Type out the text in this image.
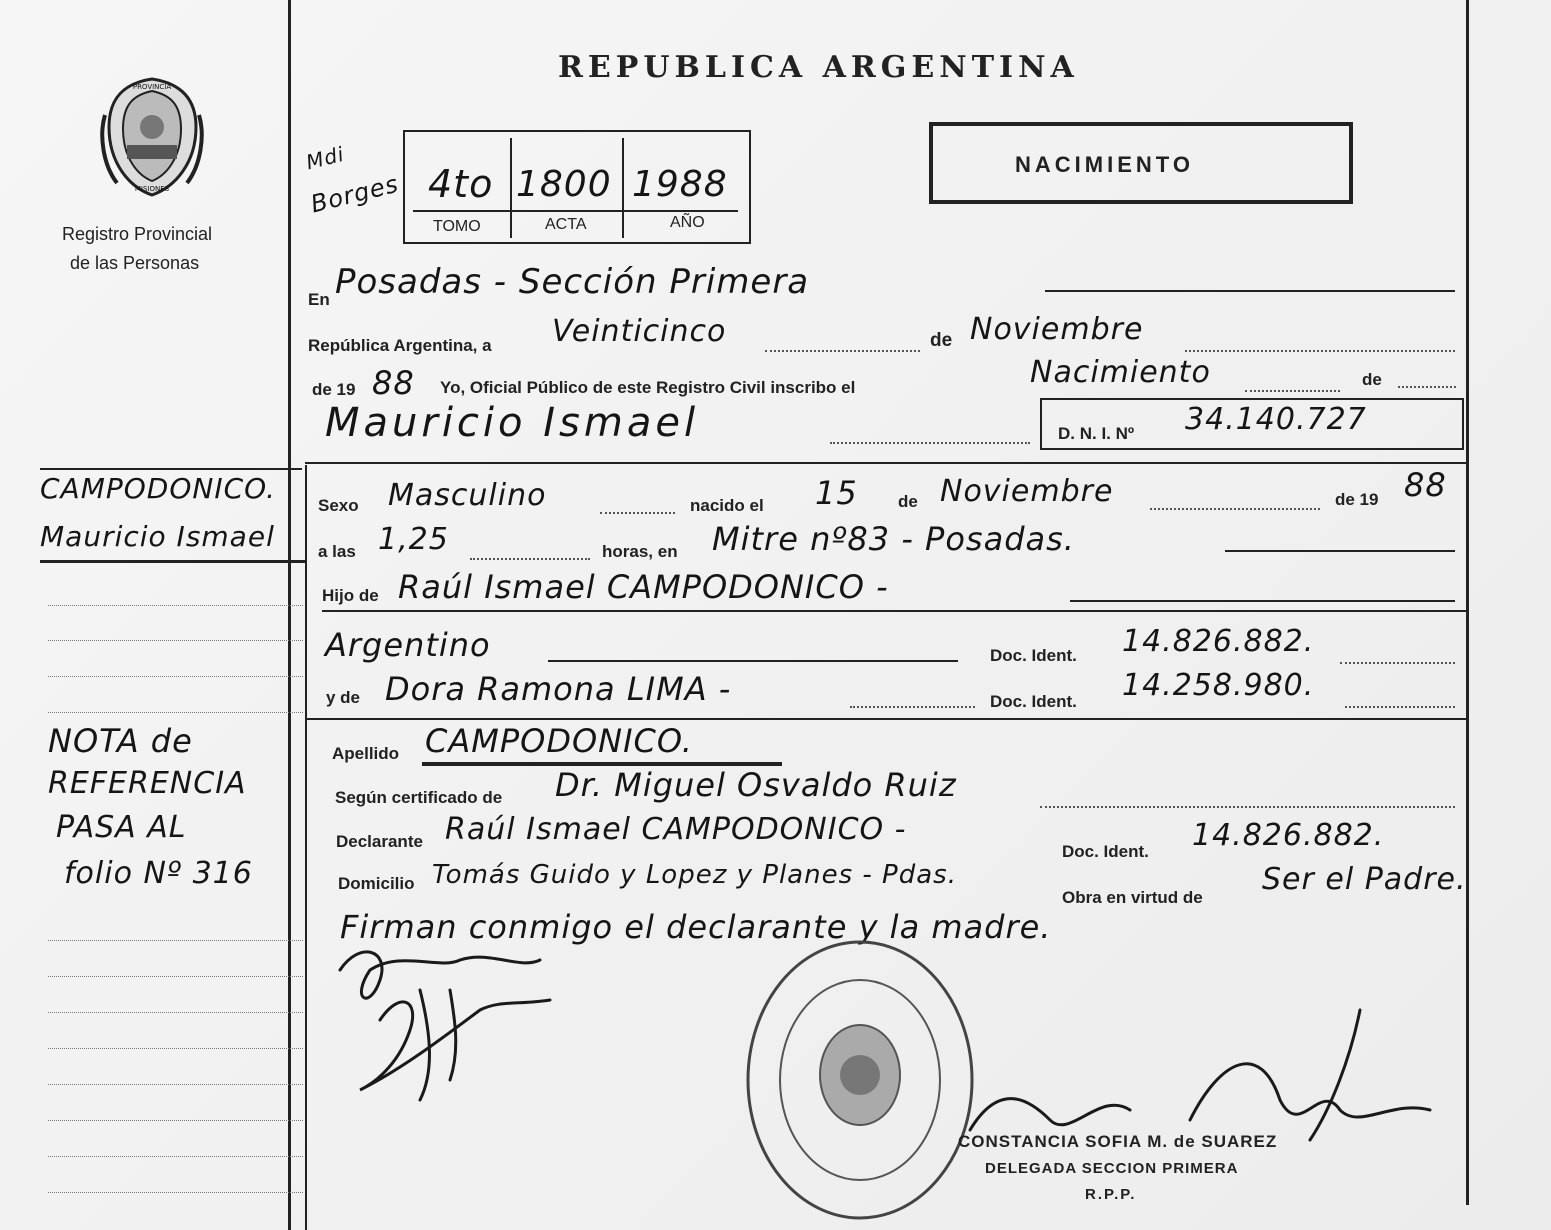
PROVINCIA
MISIONES
Registro Provincial
de las Personas
REPUBLICA ARGENTINA
4to 1800 1988
TOMO	ACTA	AÑO
Mdi
Borges
NACIMIENTO
En Posadas - Sección Primera
República Argentina, a Veinticinco	de Noviembre
de 19 88 Yo, Oficial Público de este Registro Civil inscribo el	Nacimiento	de
Mauricio Ismael	D. N. I. Nº 34.140.727
Sexo Masculino	nacido el 15 de Noviembre	de 19 88
a las 1,25	horas, en Mitre nº83 - Posadas.
Hijo de Raúl Ismael CAMPODONICO -
Argentino	Doc. Ident. 14.826.882.
y de Dora Ramona LIMA -	Doc. Ident. 14.258.980.
Apellido CAMPODONICO.
Según certificado de Dr. Miguel Osvaldo Ruiz
Declarante Raúl Ismael CAMPODONICO -
Doc. Ident. 14.826.882.
Domicilio Tomás Guido y Lopez y Planes - Pdas.
Obra en virtud de
Ser el Padre.
Firman conmigo el declarante y la madre.
CAMPODONICO.
Mauricio Ismael
NOTA de
REFERENCIA
PASA AL
folio Nº 316
CONSTANCIA SOFIA M. de SUAREZ
DELEGADA SECCION PRIMERA
R.P.P.
